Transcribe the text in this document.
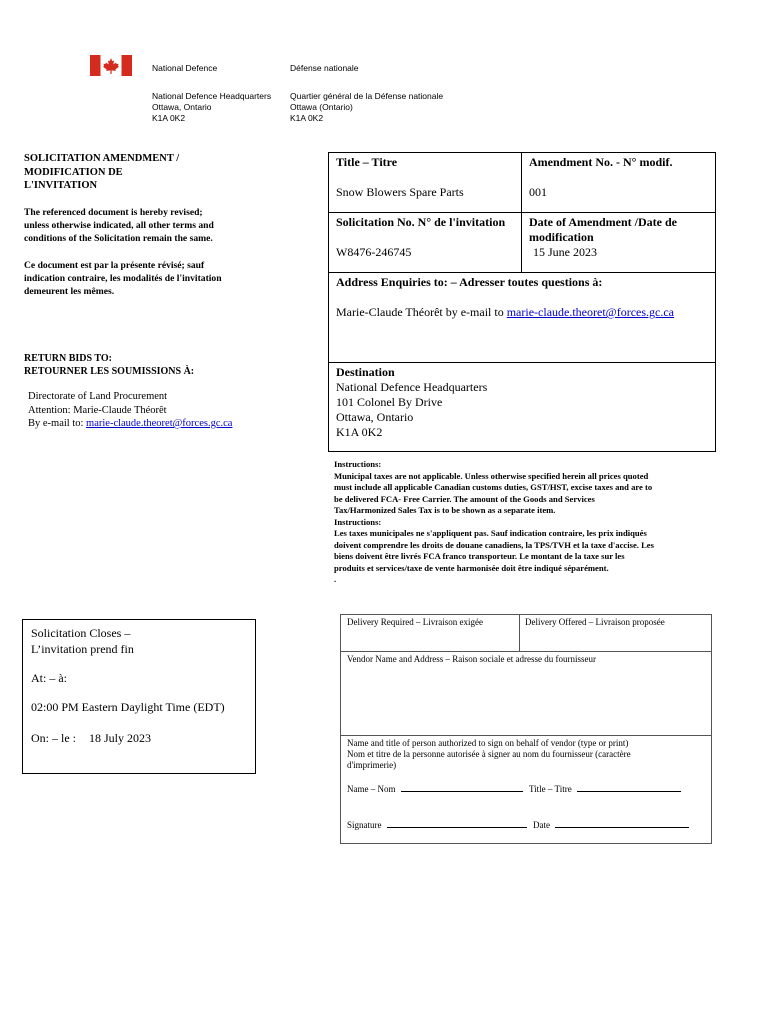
National Defence	Défense nationale
National Defence Headquarters
Ottawa, Ontario
K1A 0K2
Quartier général de la Défense nationale
Ottawa (Ontario)
K1A 0K2
SOLICITATION AMENDMENT /
MODIFICATION DE
L'INVITATION
The referenced document is hereby revised;
unless otherwise indicated, all other terms and
conditions of the Solicitation remain the same.
Ce document est par la présente révisé; sauf
indication contraire, les modalités de l'invitation
demeurent les mêmes.
RETURN BIDS TO:
RETOURNER LES SOUMISSIONS À:
Directorate of Land Procurement
Attention: Marie-Claude Théorêt
By e-mail to: marie-claude.theoret@forces.gc.ca
Solicitation Closes –
L’invitation prend fin
At: – à:
02:00 PM Eastern Daylight Time (EDT)
On: – le : 18 July 2023
Title – Titre
Snow Blowers Spare Parts
Amendment No. - N° modif.
001
Solicitation No. N° de l'invitation
W8476-246745
Date of Amendment /Date de
modification
15 June 2023
Address Enquiries to: – Adresser toutes questions à:
Marie-Claude Théorêt by e-mail to marie-claude.theoret@forces.gc.ca
Destination
National Defence Headquarters
101 Colonel By Drive
Ottawa, Ontario
K1A 0K2
Instructions:
Municipal taxes are not applicable. Unless otherwise specified herein all prices quoted
must include all applicable Canadian customs duties, GST/HST, excise taxes and are to
be delivered FCA- Free Carrier. The amount of the Goods and Services
Tax/Harmonized Sales Tax is to be shown as a separate item.
Instructions:
Les taxes municipales ne s'appliquent pas. Sauf indication contraire, les prix indiqués
doivent comprendre les droits de douane canadiens, la TPS/TVH et la taxe d'accise. Les
biens doivent être livrés FCA franco transporteur. Le montant de la taxe sur les
produits et services/taxe de vente harmonisée doit être indiqué séparément.
.
Delivery Required – Livraison exigée	Delivery Offered – Livraison proposée
Vendor Name and Address – Raison sociale et adresse du fournisseur
Name and title of person authorized to sign on behalf of vendor (type or print)
Nom et titre de la personne autorisée à signer au nom du fournisseur (caractère
d'imprimerie)
Name – Nom	Title – Titre
Signature	Date
